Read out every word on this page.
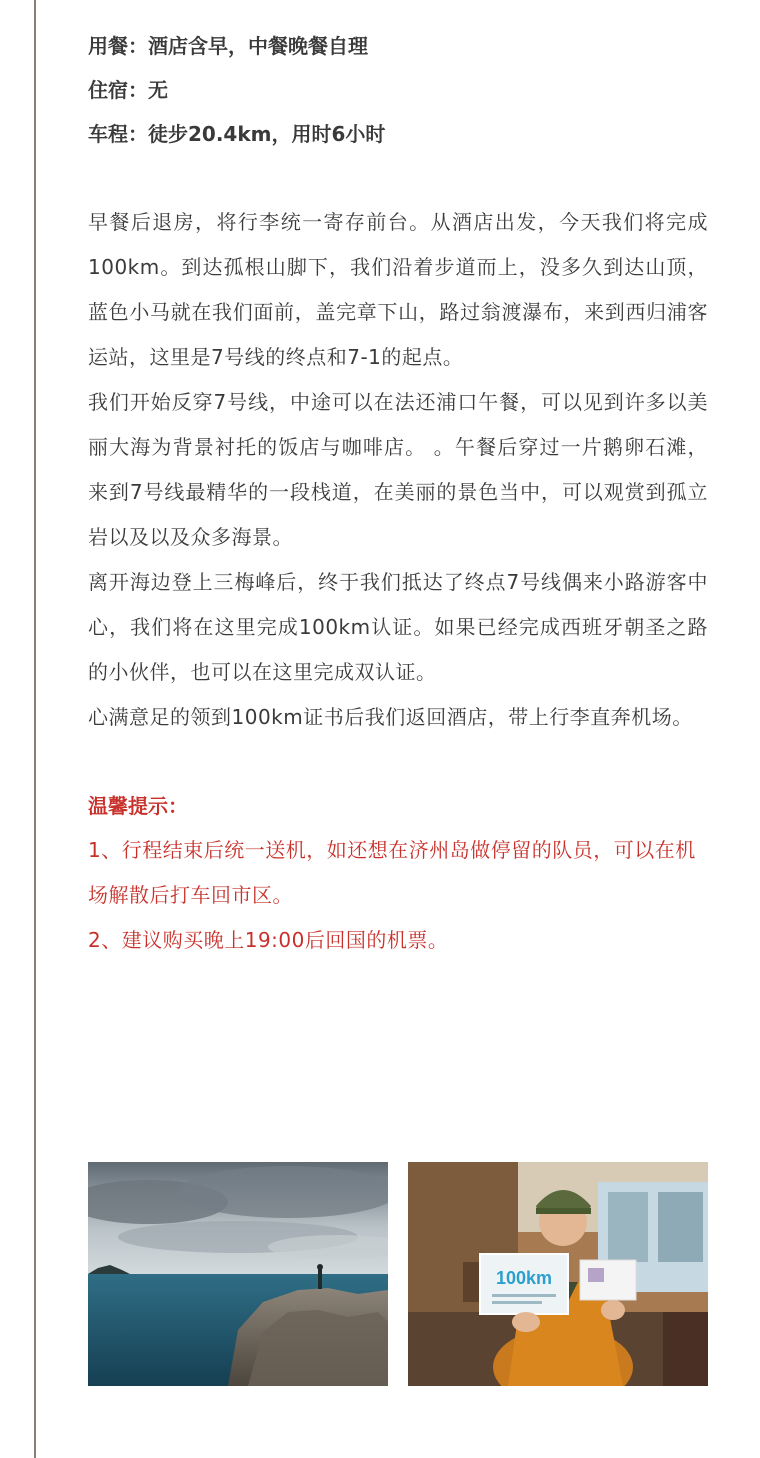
用餐：酒店含早，中餐晚餐自理

住宿：无

车程：徒步20.4km，用时6小时

早餐后退房，将行李统一寄存前台。从酒店出发，今天我们将完成100km。到达孤根山脚下，我们沿着步道而上，没多久到达山顶，蓝色小马就在我们面前，盖完章下山，路过翁渡瀑布，来到西归浦客运站，这里是7号线的终点和7-1的起点。

我们开始反穿7号线，中途可以在法还浦口午餐，可以见到许多以美丽大海为背景衬托的饭店与咖啡店。 。午餐后穿过一片鹅卵石滩，来到7号线最精华的一段栈道，在美丽的景色当中，可以观赏到孤立岩以及以及众多海景。

离开海边登上三梅峰后，终于我们抵达了终点7号线偶来小路游客中心，我们将在这里完成100km认证。如果已经完成西班牙朝圣之路的小伙伴，也可以在这里完成双认证。

心满意足的领到100km证书后我们返回酒店，带上行李直奔机场。

温馨提示：

1、行程结束后统一送机，如还想在济州岛做停留的队员，可以在机场解散后打车回市区。

2、建议购买晚上19:00后回国的机票。

100km
